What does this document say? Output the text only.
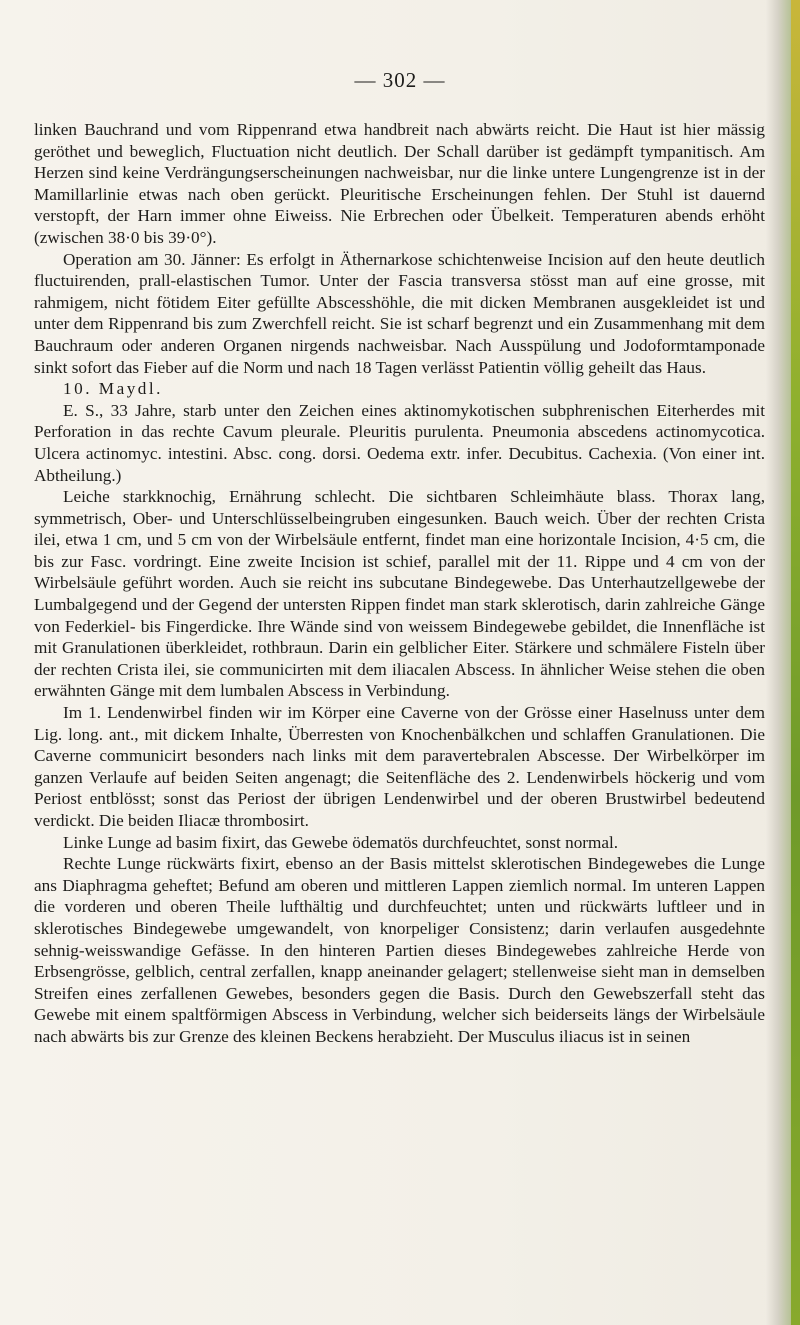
— 302 —

linken Bauchrand und vom Rippenrand etwa handbreit nach abwärts reicht. Die Haut ist hier mässig geröthet und beweglich, Fluctuation nicht deutlich. Der Schall darüber ist gedämpft tympanitisch. Am Herzen sind keine Verdrängungserscheinungen nachweisbar, nur die linke untere Lungengrenze ist in der Mamillarlinie etwas nach oben gerückt. Pleuritische Erscheinungen fehlen. Der Stuhl ist dauernd verstopft, der Harn immer ohne Eiweiss. Nie Erbrechen oder Übelkeit. Temperaturen abends erhöht (zwischen 38·0 bis 39·0°).

Operation am 30. Jänner: Es erfolgt in Äthernarkose schichtenweise Incision auf den heute deutlich fluctuirenden, prall-elastischen Tumor. Unter der Fascia transversa stösst man auf eine grosse, mit rahmigem, nicht fötidem Eiter gefüllte Abscesshöhle, die mit dicken Membranen ausgekleidet ist und unter dem Rippenrand bis zum Zwerchfell reicht. Sie ist scharf begrenzt und ein Zusammenhang mit dem Bauchraum oder anderen Organen nirgends nachweisbar. Nach Ausspülung und Jodoformtamponade sinkt sofort das Fieber auf die Norm und nach 18 Tagen verlässt Patientin völlig geheilt das Haus.

10. Maydl.

E. S., 33 Jahre, starb unter den Zeichen eines aktinomykotischen subphrenischen Eiterherdes mit Perforation in das rechte Cavum pleurale. Pleuritis purulenta. Pneumonia abscedens actinomycotica. Ulcera actinomyc. intestini. Absc. cong. dorsi. Oedema extr. infer. Decubitus. Cachexia. (Von einer int. Abtheilung.)

Leiche starkknochig, Ernährung schlecht. Die sichtbaren Schleimhäute blass. Thorax lang, symmetrisch, Ober- und Unterschlüsselbeingruben eingesunken. Bauch weich. Über der rechten Crista ilei, etwa 1 cm, und 5 cm von der Wirbelsäule entfernt, findet man eine horizontale Incision, 4·5 cm, die bis zur Fasc. vordringt. Eine zweite Incision ist schief, parallel mit der 11. Rippe und 4 cm von der Wirbelsäule geführt worden. Auch sie reicht ins subcutane Bindegewebe. Das Unterhautzellgewebe der Lumbalgegend und der Gegend der untersten Rippen findet man stark sklerotisch, darin zahlreiche Gänge von Federkiel- bis Fingerdicke. Ihre Wände sind von weissem Bindegewebe gebildet, die Innenfläche ist mit Granulationen überkleidet, rothbraun. Darin ein gelblicher Eiter. Stärkere und schmälere Fisteln über der rechten Crista ilei, sie communicirten mit dem iliacalen Abscess. In ähnlicher Weise stehen die oben erwähnten Gänge mit dem lumbalen Abscess in Verbindung.

Im 1. Lendenwirbel finden wir im Körper eine Caverne von der Grösse einer Haselnuss unter dem Lig. long. ant., mit dickem Inhalte, Überresten von Knochenbälkchen und schlaffen Granulationen. Die Caverne communicirt besonders nach links mit dem paravertebralen Abscesse. Der Wirbelkörper im ganzen Verlaufe auf beiden Seiten angenagt; die Seitenfläche des 2. Lendenwirbels höckerig und vom Periost entblösst; sonst das Periost der übrigen Lendenwirbel und der oberen Brustwirbel bedeutend verdickt. Die beiden Iliacæ thrombosirt.

Linke Lunge ad basim fixirt, das Gewebe ödematös durchfeuchtet, sonst normal.

Rechte Lunge rückwärts fixirt, ebenso an der Basis mittelst sklerotischen Bindegewebes die Lunge ans Diaphragma geheftet; Befund am oberen und mittleren Lappen ziemlich normal. Im unteren Lappen die vorderen und oberen Theile lufthältig und durchfeuchtet; unten und rückwärts luftleer und in sklerotisches Bindegewebe umgewandelt, von knorpeliger Consistenz; darin verlaufen ausgedehnte sehnig-weisswandige Gefässe. In den hinteren Partien dieses Bindegewebes zahlreiche Herde von Erbsengrösse, gelblich, central zerfallen, knapp aneinander gelagert; stellenweise sieht man in demselben Streifen eines zerfallenen Gewebes, besonders gegen die Basis. Durch den Gewebszerfall steht das Gewebe mit einem spaltförmigen Abscess in Verbindung, welcher sich beiderseits längs der Wirbelsäule nach abwärts bis zur Grenze des kleinen Beckens herabzieht. Der Musculus iliacus ist in seinen
